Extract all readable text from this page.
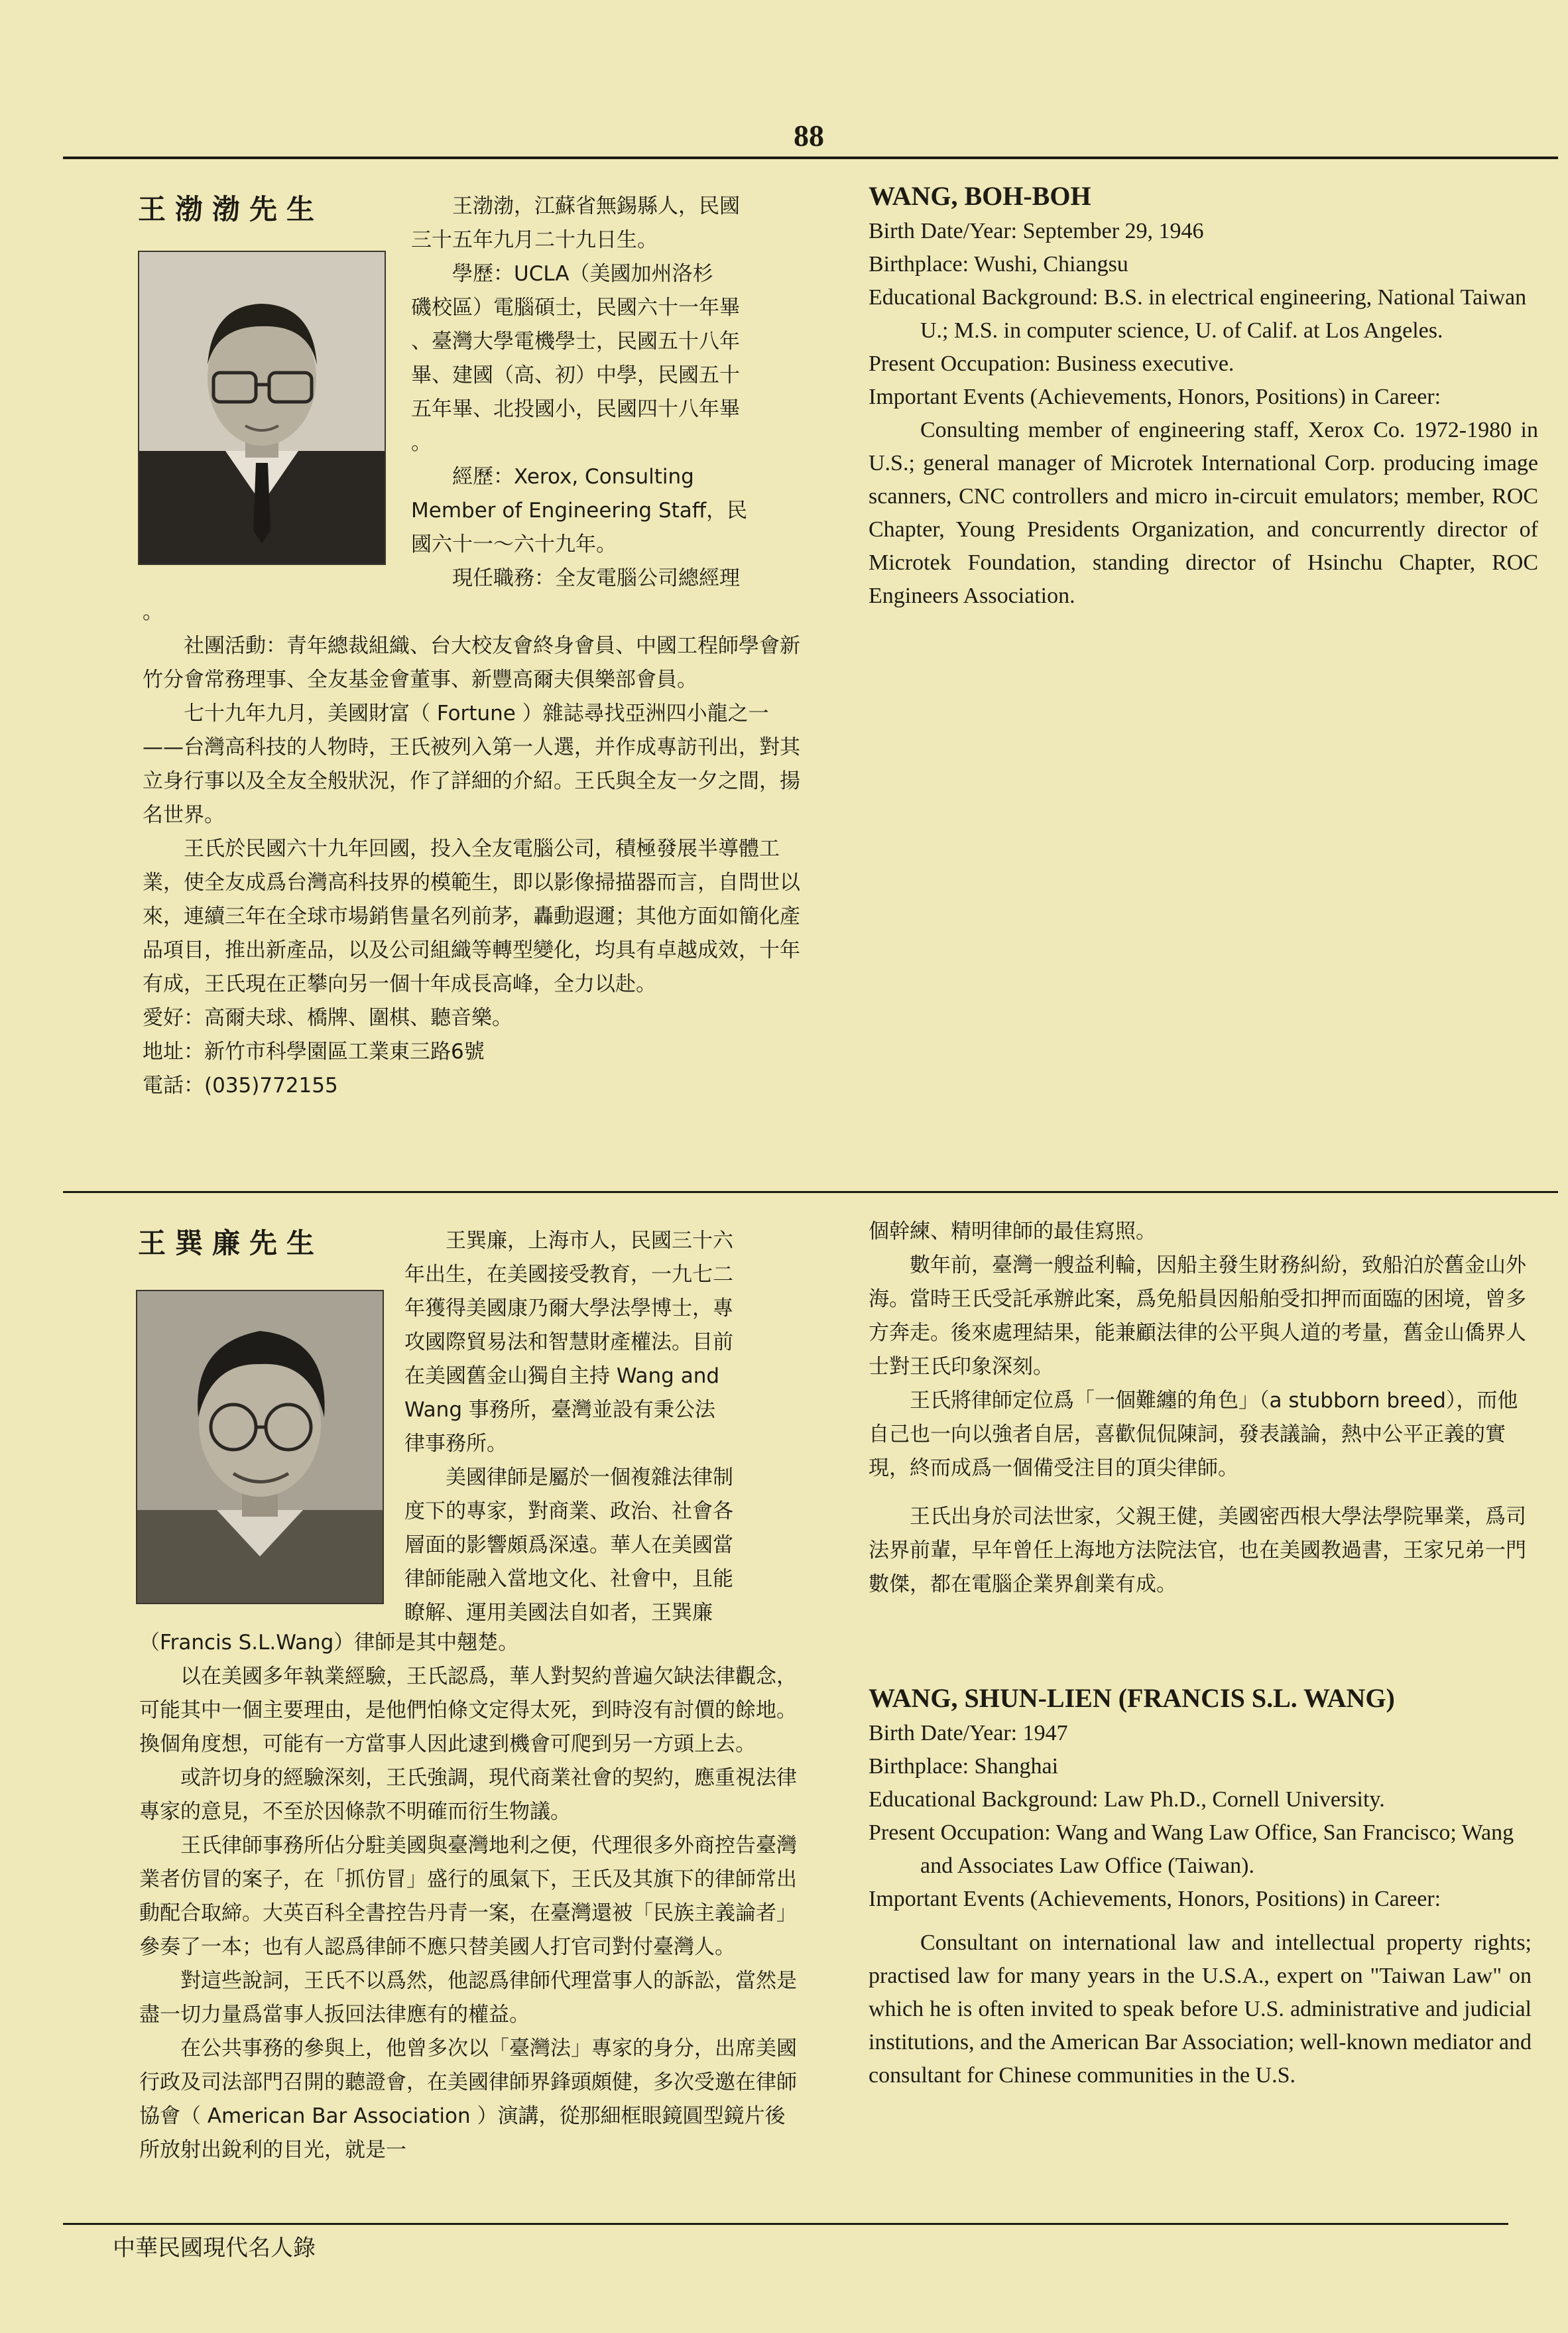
88
王渤渤先生	王渤渤，江蘇省無錫縣人，民國

三十五年九月二十九日生。

學歷：UCLA（美國加州洛杉

磯校區）電腦碩士，民國六十一年畢

、臺灣大學電機學士，民國五十八年

畢、建國（高、初）中學，民國五十

五年畢、北投國小，民國四十八年畢

。

經歷：Xerox, Consulting

Member of Engineering Staff，民

國六十一～六十九年。

現任職務：全友電腦公司總經理

。

社團活動：青年總裁組織、台大校友會終身會員、中國工程師學會新竹分會常務理事、全友基金會董事、新豐高爾夫俱樂部會員。

七十九年九月，美國財富（ Fortune ）雜誌尋找亞洲四小龍之一——台灣高科技的人物時，王氏被列入第一人選，并作成專訪刊出，對其立身行事以及全友全般狀況，作了詳細的介紹。王氏與全友一夕之間，揚名世界。

王氏於民國六十九年回國，投入全友電腦公司，積極發展半導體工業，使全友成爲台灣高科技界的模範生，即以影像掃描器而言，自問世以來，連續三年在全球市場銷售量名列前茅，轟動遐邇；其他方面如簡化產品項目，推出新產品，以及公司組織等轉型變化，均具有卓越成效，十年有成，王氏現在正攀向另一個十年成長高峰，全力以赴。

愛好：高爾夫球、橋牌、圍棋、聽音樂。

地址：新竹市科學園區工業東三路6號

電話：(035)772155

WANG, BOH-BOH

Birth Date/Year: September 29, 1946

Birthplace: Wushi, Chiangsu

Educational Background: B.S. in electrical engineering, National Taiwan U.; M.S. in computer science, U. of Calif. at Los Angeles.

Present Occupation: Business executive.

Important Events (Achievements, Honors, Positions) in Career:

Consulting member of engineering staff, Xerox Co. 1972-1980 in U.S.; general manager of Microtek International Corp. producing image scanners, CNC controllers and micro in-circuit emulators; member, ROC Chapter, Young Presidents Organization, and concurrently director of Microtek Foundation, standing director of Hsinchu Chapter, ROC Engineers Association.

王巽廉先生	王巽廉，上海市人，民國三十六

年出生，在美國接受教育，一九七二

年獲得美國康乃爾大學法學博士，專

攻國際貿易法和智慧財產權法。目前

在美國舊金山獨自主持 Wang and

Wang 事務所，臺灣並設有秉公法

律事務所。

美國律師是屬於一個複雜法律制

度下的專家，對商業、政治、社會各

層面的影響頗爲深遠。華人在美國當

律師能融入當地文化、社會中，且能

瞭解、運用美國法自如者，王巽廉

（Francis S.L.Wang）律師是其中翹楚。

以在美國多年執業經驗，王氏認爲，華人對契約普遍欠缺法律觀念，可能其中一個主要理由，是他們怕條文定得太死，到時沒有討價的餘地。換個角度想，可能有一方當事人因此逮到機會可爬到另一方頭上去。

或許切身的經驗深刻，王氏強調，現代商業社會的契約，應重視法律專家的意見，不至於因條款不明確而衍生物議。

王氏律師事務所佔分駐美國與臺灣地利之便，代理很多外商控告臺灣業者仿冒的案子，在「抓仿冒」盛行的風氣下，王氏及其旗下的律師常出動配合取締。大英百科全書控告丹青一案，在臺灣還被「民族主義論者」參奏了一本；也有人認爲律師不應只替美國人打官司對付臺灣人。

對這些說詞，王氏不以爲然，他認爲律師代理當事人的訴訟，當然是盡一切力量爲當事人扳回法律應有的權益。

在公共事務的參與上，他曾多次以「臺灣法」專家的身分，出席美國行政及司法部門召開的聽證會，在美國律師界鋒頭頗健，多次受邀在律師協會（ American Bar Association ）演講，從那細框眼鏡圓型鏡片後所放射出銳利的目光，就是一

個幹練、精明律師的最佳寫照。

數年前，臺灣一艘益利輪，因船主發生財務糾紛，致船泊於舊金山外海。當時王氏受託承辦此案，爲免船員因船舶受扣押而面臨的困境，曾多方奔走。後來處理結果，能兼顧法律的公平與人道的考量，舊金山僑界人士對王氏印象深刻。

王氏將律師定位爲「一個難纏的角色」（a stubborn breed），而他自己也一向以強者自居，喜歡侃侃陳詞，發表議論，熱中公平正義的實現，終而成爲一個備受注目的頂尖律師。

王氏出身於司法世家，父親王健，美國密西根大學法學院畢業，爲司法界前輩，早年曾任上海地方法院法官，也在美國教過書，王家兄弟一門數傑，都在電腦企業界創業有成。

WANG, SHUN-LIEN (FRANCIS S.L. WANG)

Birth Date/Year: 1947

Birthplace: Shanghai

Educational Background: Law Ph.D., Cornell University.

Present Occupation: Wang and Wang Law Office, San Francisco; Wang and Associates Law Office (Taiwan).

Important Events (Achievements, Honors, Positions) in Career:

Consultant on international law and intellectual property rights; practised law for many years in the U.S.A., expert on "Taiwan Law" on which he is often invited to speak before U.S. administrative and judicial institutions, and the American Bar Association; well-known mediator and consultant for Chinese communities in the U.S.

中華民國現代名人錄
